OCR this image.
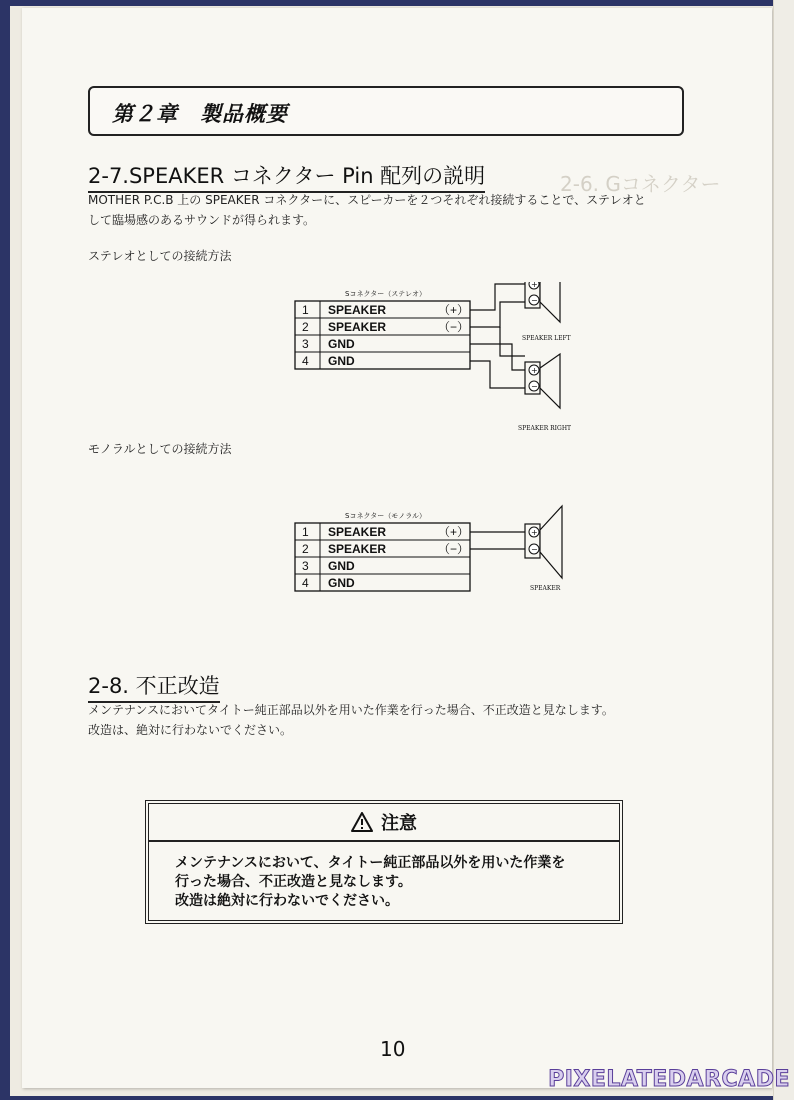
2-6. Gコネクター
第２章　製品概要
2-7.SPEAKER コネクター Pin 配列の説明
MOTHER P.C.B 上の SPEAKER コネクターに、スピーカーを２つそれぞれ接続することで、ステレオと
して臨場感のあるサウンドが得られます。
ステレオとしての接続方法
Sコネクター（ステレオ）
1 SPEAKER	（+）
2 SPEAKER	（−）
3 GND
4 GND
+
−
SPEAKER LEFT
+
−
SPEAKER RIGHT
モノラルとしての接続方法
Sコネクター（モノラル）
1 SPEAKER	（+）
2 SPEAKER	（−）
3 GND
4 GND
+
−
SPEAKER
2-8. 不正改造
メンテナンスにおいてタイトー純正部品以外を用いた作業を行った場合、不正改造と見なします。
改造は、絶対に行わないでください。
注意
メンテナンスにおいて、タイトー純正部品以外を用いた作業を
行った場合、不正改造と見なします。
改造は絶対に行わないでください。
10
PIXELATEDARCADE
